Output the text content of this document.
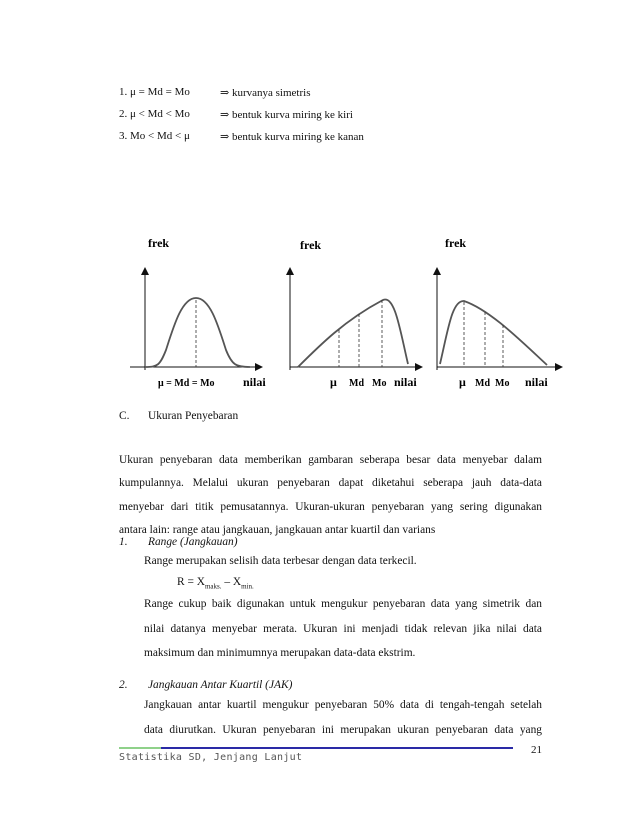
1. μ = Md = Mo	⇒ kurvanya simetris
2. μ < Md < Mo	⇒ bentuk kurva miring ke kiri
3. Mo < Md < μ	⇒ bentuk kurva miring ke kanan
frek
μ = Md = Mo nilai
frek
μ Md Mo nilai
frek
μ Md Mo nilai
C. Ukuran Penyebaran
Ukuran penyebaran data memberikan gambaran seberapa besar data menyebar dalam
kumpulannya. Melalui ukuran penyebaran dapat diketahui seberapa jauh data-data
menyebar dari titik pemusatannya. Ukuran-ukuran penyebaran yang sering digunakan
antara lain: range atau jangkauan, jangkauan antar kuartil dan varians
1. Range (Jangkauan)
Range merupakan selisih data terbesar dengan data terkecil.
$R = X_{maks.} - X_{min.}$
Range cukup baik digunakan untuk mengukur penyebaran data yang simetrik dan
nilai datanya menyebar merata. Ukuran ini menjadi tidak relevan jika nilai data
maksimum dan minimumnya merupakan data-data ekstrim.
2. Jangkauan Antar Kuartil (JAK)
Jangkauan antar kuartil mengukur penyebaran 50% data di tengah-tengah setelah
data diurutkan. Ukuran penyebaran ini merupakan ukuran penyebaran data yang
21
Statistika SD, Jenjang Lanjut
